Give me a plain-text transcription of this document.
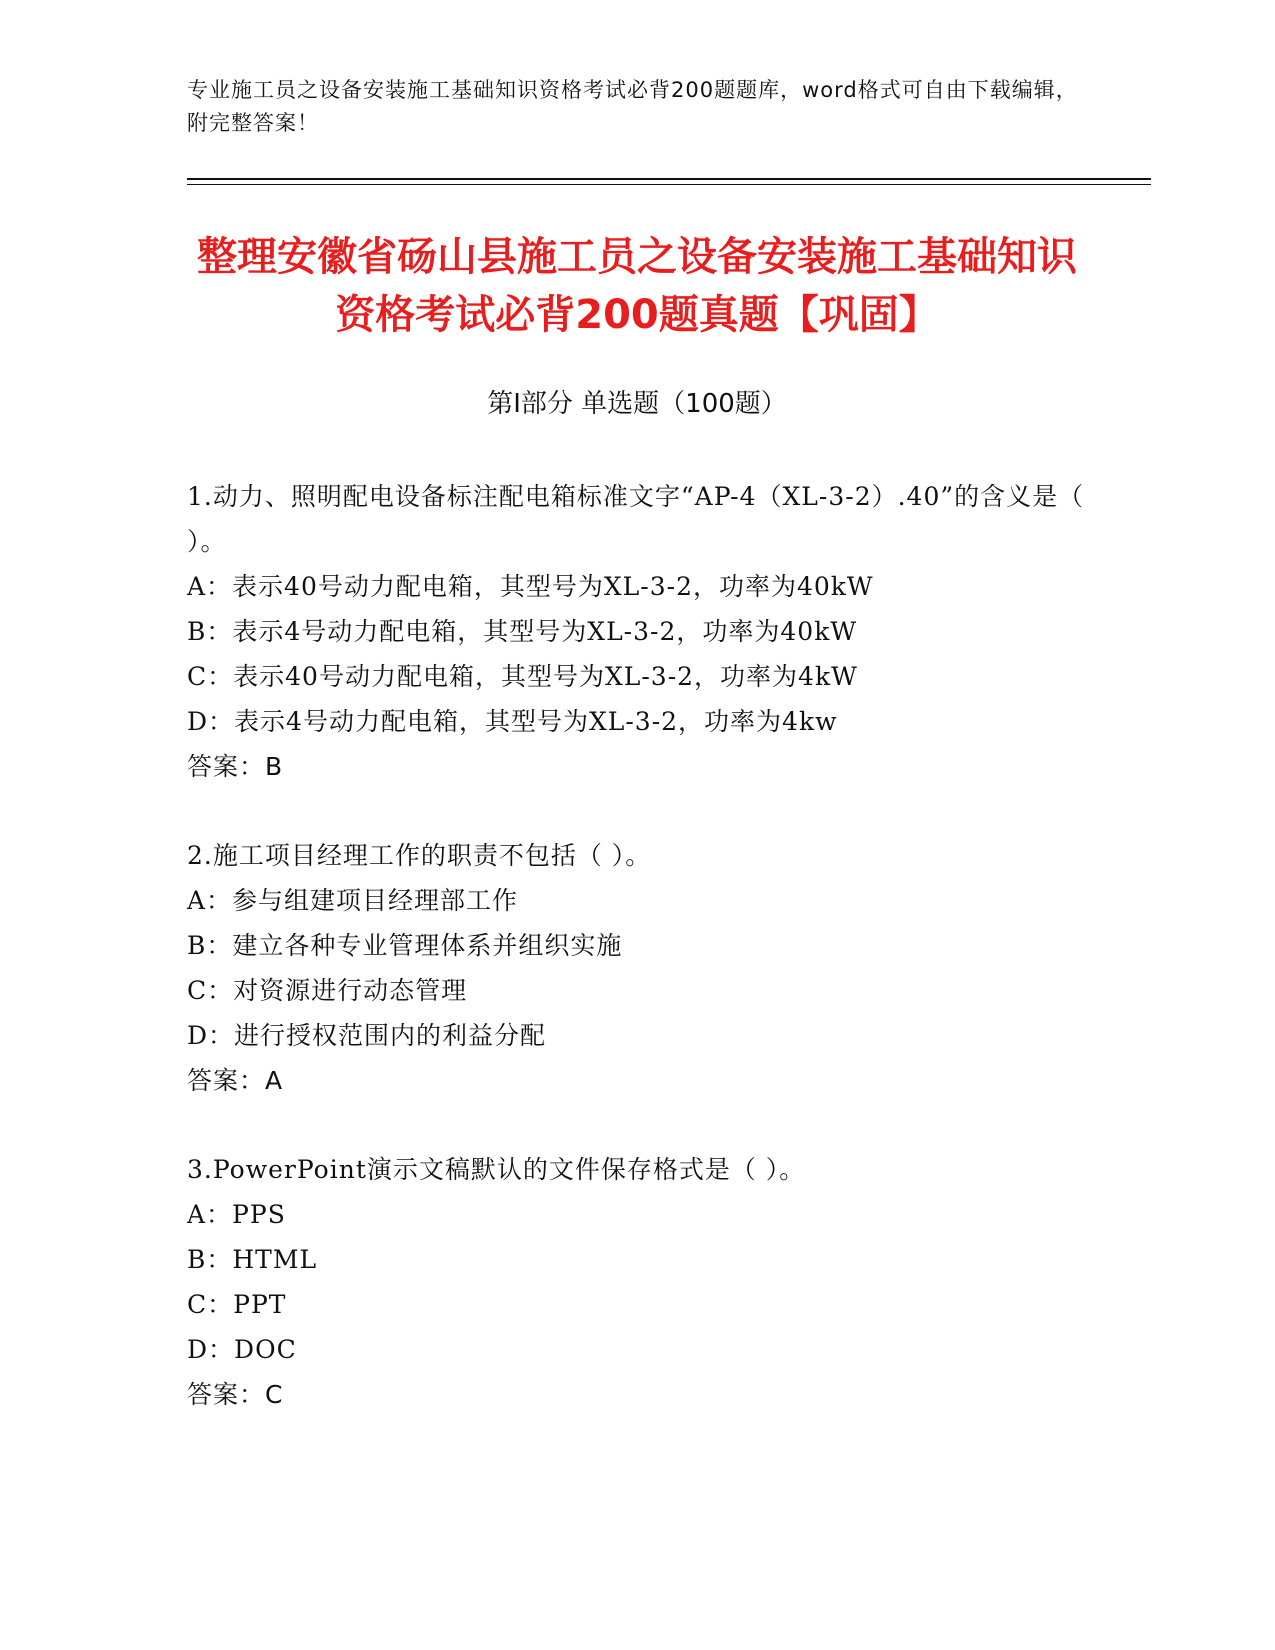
专业施工员之设备安装施工基础知识资格考试必背200题题库，word格式可自由下载编辑，附完整答案！
整理安徽省砀山县施工员之设备安装施工基础知识资格考试必背200题真题【巩固】
第I部分 单选题（100题）
1.动力、照明配电设备标注配电箱标准文字“AP-4（XL-3-2）.40”的含义是（ ）。
A：表示40号动力配电箱，其型号为XL-3-2，功率为40kW
B：表示4号动力配电箱，其型号为XL-3-2，功率为40kW
C：表示40号动力配电箱，其型号为XL-3-2，功率为4kW
D：表示4号动力配电箱，其型号为XL-3-2，功率为4kw
答案：B
2.施工项目经理工作的职责不包括（ ）。
A：参与组建项目经理部工作
B：建立各种专业管理体系并组织实施
C：对资源进行动态管理
D：进行授权范围内的利益分配
答案：A
3.PowerPoint演示文稿默认的文件保存格式是（ ）。
A：PPS
B：HTML
C：PPT
D：DOC
答案：C
